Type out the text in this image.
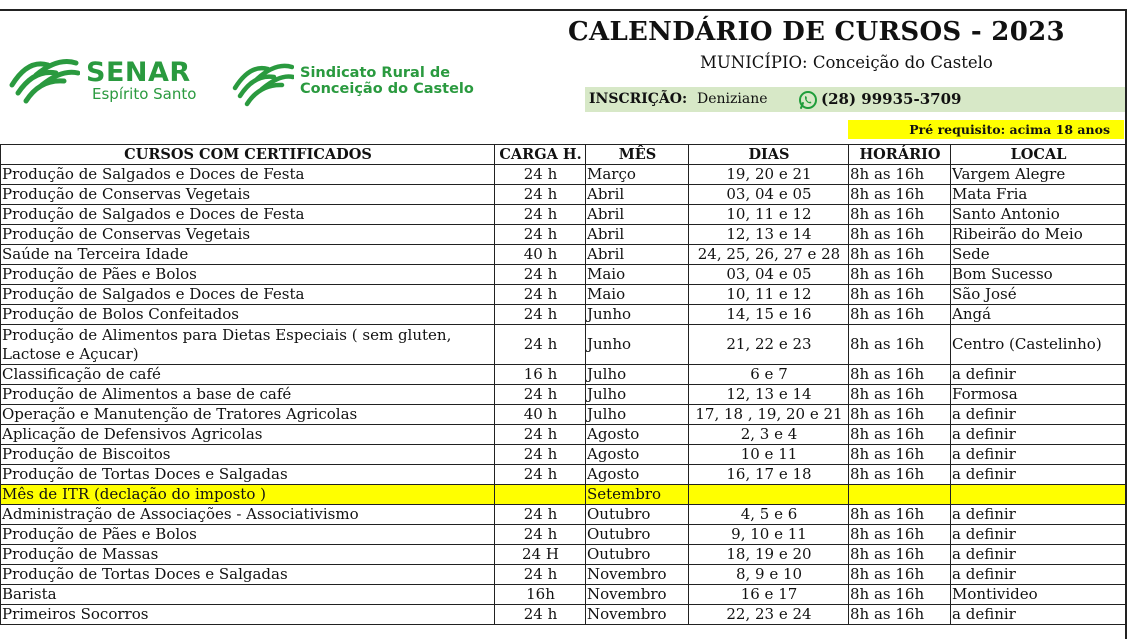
SENAR
Espírito Santo
Sindicato Rural de
Conceição do Castelo
CALENDÁRIO DE CURSOS - 2023
MUNICÍPIO: Conceição do Castelo
INSCRIÇÃO: Deniziane	(28) 99935-3709
Pré requisito: acima 18 anos
CURSOS COM CERTIFICADOS	CARGA H.	MÊS	DIAS	HORÁRIO	LOCAL
Produção de Salgados e Doces de Festa	24 h	Março	19, 20 e 21	8h as 16h	Vargem Alegre
Produção de Conservas Vegetais	24 h	Abril	03, 04 e 05	8h as 16h	Mata Fria
Produção de Salgados e Doces de Festa	24 h	Abril	10, 11 e 12	8h as 16h	Santo Antonio
Produção de Conservas Vegetais	24 h	Abril	12, 13 e 14	8h as 16h	Ribeirão do Meio
Saúde na Terceira Idade	40 h	Abril	24, 25, 26, 27 e 28	8h as 16h	Sede
Produção de Pães e Bolos	24 h	Maio	03, 04 e 05	8h as 16h	Bom Sucesso
Produção de Salgados e Doces de Festa	24 h	Maio	10, 11 e 12	8h as 16h	São José
Produção de Bolos Confeitados	24 h	Junho	14, 15 e 16	8h as 16h	Angá
Produção de Alimentos para Dietas Especiais ( sem gluten, Lactose e Açucar)	24 h	Junho	21, 22 e 23	8h as 16h	Centro (Castelinho)
Classificação de café	16 h	Julho	6 e 7	8h as 16h	a definir
Produção de Alimentos a base de café	24 h	Julho	12, 13 e 14	8h as 16h	Formosa
Operação e Manutenção de Tratores Agricolas	40 h	Julho	17, 18 , 19, 20 e 21	8h as 16h	a definir
Aplicação de Defensivos Agricolas	24 h	Agosto	2, 3 e 4	8h as 16h	a definir
Produção de Biscoitos	24 h	Agosto	10 e 11	8h as 16h	a definir
Produção de Tortas Doces e Salgadas	24 h	Agosto	16, 17 e 18	8h as 16h	a definir
Mês de ITR (declação do imposto )		Setembro			
Administração de Associações - Associativismo	24 h	Outubro	4, 5 e 6	8h as 16h	a definir
Produção de Pães e Bolos	24 h	Outubro	9, 10 e 11	8h as 16h	a definir
Produção de Massas	24 H	Outubro	18, 19 e 20	8h as 16h	a definir
Produção de Tortas Doces e Salgadas	24 h	Novembro	8, 9 e 10	8h as 16h	a definir
Barista	16h	Novembro	16 e 17	8h as 16h	Montivideo
Primeiros Socorros	24 h	Novembro	22, 23 e 24	8h as 16h	a definir
